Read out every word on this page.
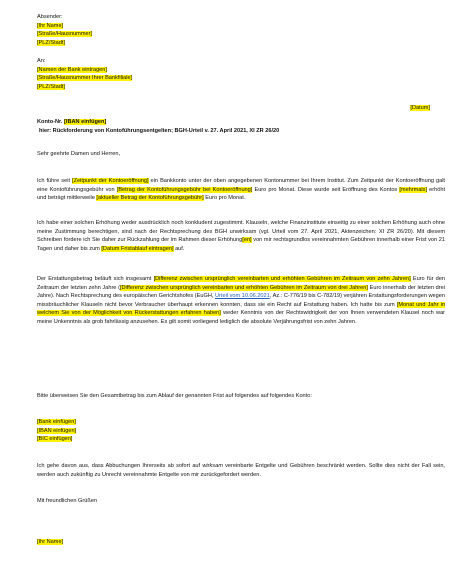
Absender:
[Ihr Name]
[Straße/Hausnummer]
[PLZ/Stadt]
An:
[Namen der Bank eintragen]
[Straße/Hausnummer Ihrer Bankfiliale]
[PLZ/Stadt]
[Datum]
Konto-Nr. [IBAN einfügen]
hier: Rückforderung von Kontoführungsentgelten; BGH-Urteil v. 27. April 2021, XI ZR 26/20
Sehr geehrte Damen und Herren,
Ich führe seit [Zeitpunkt der Kontoeröffnung] ein Bankkonto unter der oben angegebenen Kontonummer bei Ihrem Institut. Zum Zeitpunkt der Kontoeröffnung galt eine Kontoführungsgebühr von [Betrag der Kontoführungsgebühr bei Kontoeröffnung] Euro pro Monat. Diese wurde seit Eröffnung des Kontos [mehrmals] erhöht und beträgt mittlerweile [aktueller Betrag der Kontoführungsgebühr] Euro pro Monat.
Ich habe einer solchen Erhöhung weder ausdrücklich noch konkludent zugestimmt. Klauseln, welche Finanzinstitute einseitig zu einer solchen Erhöhung auch ohne meine Zustimmung berechtigen, sind nach der Rechtsprechung des BGH unwirksam (vgl. Urteil vom 27. April 2021, Aktenzeichen: XI ZR 26/20). Mit diesem Schreiben fordere ich Sie daher zur Rückzahlung der im Rahmen dieser Erhöhung[en] von mir rechtsgrundlos vereinnahmten Gebühren innerhalb einer Frist von 21 Tagen und daher bis zum [Datum Fristablauf eintragen] auf.
Der Erstattungsbetrag beläuft sich insgesamt [Differenz zwischen ursprünglich vereinbarten und erhöhten Gebühren im Zeitraum von zehn Jahren] Euro für den Zeitraum der letzten zehn Jahre ([Differenz zwischen ursprünglich vereinbarten und erhöhten Gebühren im Zeitraum von drei Jahren] Euro innerhalb der letzten drei Jahre). Nach Rechtsprechung des europäischen Gerichtshofes (EuGH, Urteil vom 10.06.2021, Az.: C-776/19 bis C-782/19) verjähren Erstattungsforderungen wegen missbräuchlicher Klauseln nicht bevor Verbraucher überhaupt erkennen konnten, dass sie ein Recht auf Erstattung haben. Ich hatte bis zum [Monat und Jahr in welchem Sie von der Möglichkeit von Rückerstattungen erfahren haben] weder Kenntnis von der Rechtswidrigkeit der von Ihnen verwendeten Klausel noch war meine Unkenntnis als grob fahrlässig anzusehen. Es gilt somit vorliegend lediglich die absolute Verjährungsfrist von zehn Jahren.
Bitte überweisen Sie den Gesamtbetrag bis zum Ablauf der genannten Frist auf folgendes auf folgendes Konto:
[Bank einfügen]
[IBAN einfügen]
[BIC einfügen]
Ich gehe davon aus, dass Abbuchungen Ihrerseits ab sofort auf wirksam vereinbarte Entgelte und Gebühren beschränkt werden. Sollte dies nicht der Fall sein, werden auch zukünftig zu Unrecht vereinnahmte Entgelte von mir zurückgefordert werden.
Mit freundlichen Grüßen
[Ihr Name]
